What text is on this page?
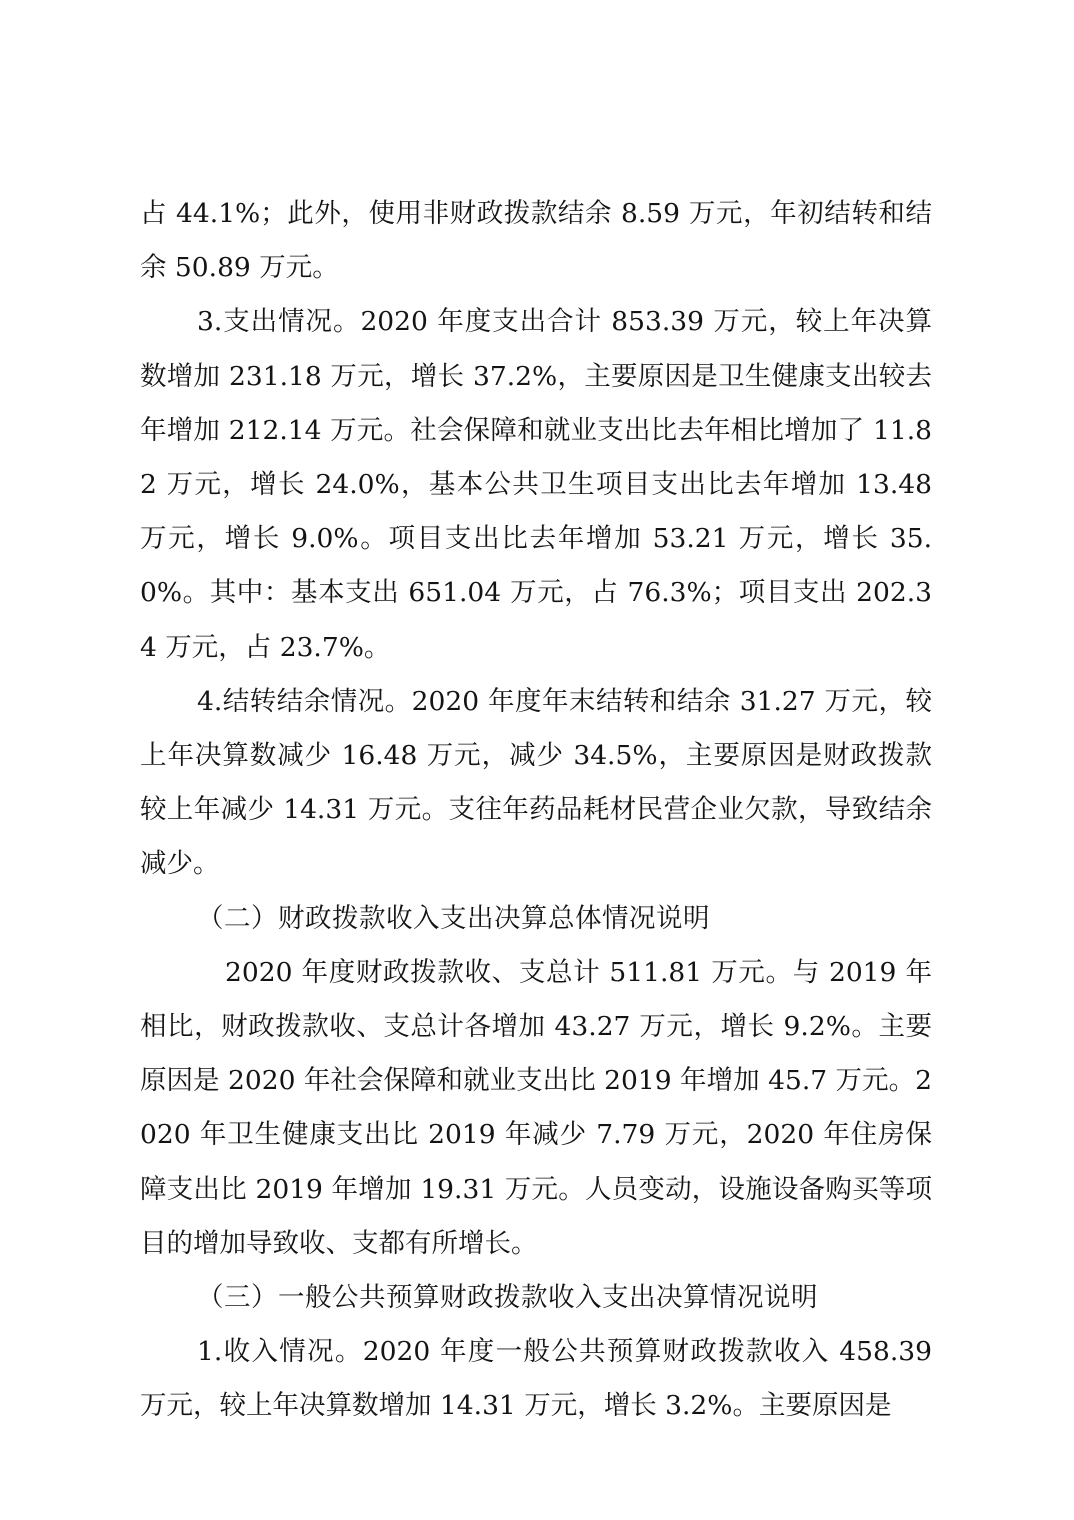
占 44.1%；此外，使用非财政拨款结余 8.59 万元，年初结转和结余 50.89 万元。

3.支出情况。2020 年度支出合计 853.39 万元，较上年决算数增加 231.18 万元，增长 37.2%，主要原因是卫生健康支出较去年增加 212.14 万元。社会保障和就业支出比去年相比增加了 11.82 万元，增长 24.0%，基本公共卫生项目支出比去年增加 13.48 万元，增长 9.0%。项目支出比去年增加 53.21 万元，增长 35.0%。其中：基本支出 651.04 万元，占 76.3%；项目支出 202.34 万元，占 23.7%。

4.结转结余情况。2020 年度年末结转和结余 31.27 万元，较上年决算数减少 16.48 万元，减少 34.5%，主要原因是财政拨款较上年减少 14.31 万元。支往年药品耗材民营企业欠款，导致结余减少。

（二）财政拨款收入支出决算总体情况说明

2020 年度财政拨款收、支总计 511.81 万元。与 2019 年相比，财政拨款收、支总计各增加 43.27 万元，增长 9.2%。主要原因是 2020 年社会保障和就业支出比 2019 年增加 45.7 万元。2020 年卫生健康支出比 2019 年减少 7.79 万元，2020 年住房保障支出比 2019 年增加 19.31 万元。人员变动，设施设备购买等项目的增加导致收、支都有所增长。

（三）一般公共预算财政拨款收入支出决算情况说明

1.收入情况。2020 年度一般公共预算财政拨款收入 458.39 万元，较上年决算数增加 14.31 万元，增长 3.2%。主要原因是
